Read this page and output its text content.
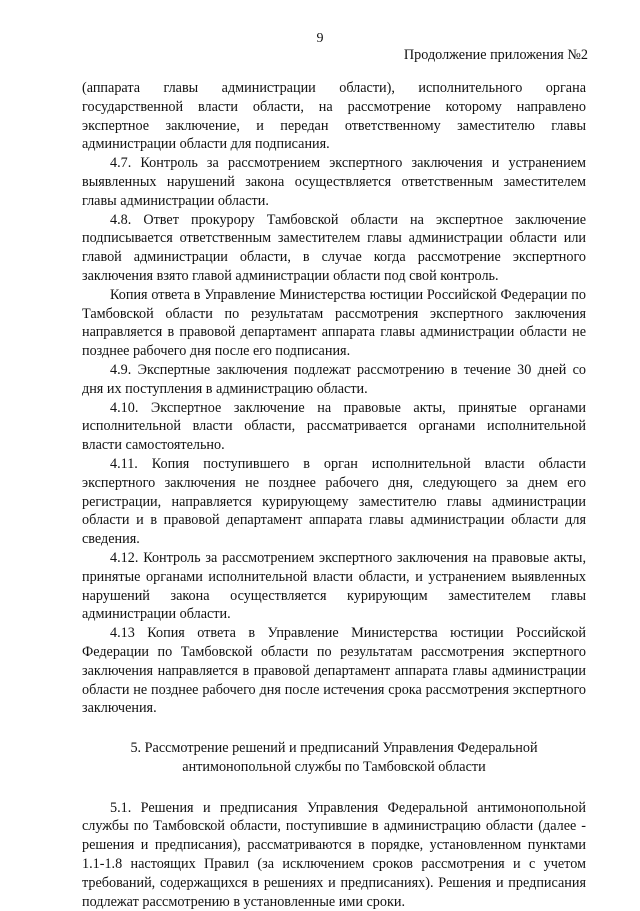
9
Продолжение приложения №2

(аппарата главы администрации области), исполнительного органа государственной власти области, на рассмотрение которому направлено экспертное заключение, и передан ответственному заместителю главы администрации области для подписания.

4.7. Контроль за рассмотрением экспертного заключения и устранением выявленных нарушений закона осуществляется ответственным заместителем главы администрации области.

4.8. Ответ прокурору Тамбовской области на экспертное заключение подписывается ответственным заместителем главы администрации области или главой администрации области, в случае когда рассмотрение экспертного заключения взято главой администрации области под свой контроль.

Копия ответа в Управление Министерства юстиции Российской Федерации по Тамбовской области по результатам рассмотрения экспертного заключения направляется в правовой департамент аппарата главы администрации области не позднее рабочего дня после его подписания.

4.9. Экспертные заключения подлежат рассмотрению в течение 30 дней со дня их поступления в администрацию области.

4.10. Экспертное заключение на правовые акты, принятые органами исполнительной власти области, рассматривается органами исполнительной власти самостоятельно.

4.11. Копия поступившего в орган исполнительной власти области экспертного заключения не позднее рабочего дня, следующего за днем его регистрации, направляется курирующему заместителю главы администрации области и в правовой департамент аппарата главы администрации области для сведения.

4.12. Контроль за рассмотрением экспертного заключения на правовые акты, принятые органами исполнительной власти области, и устранением выявленных нарушений закона осуществляется курирующим заместителем главы администрации области.

4.13 Копия ответа в Управление Министерства юстиции Российской Федерации по Тамбовской области по результатам рассмотрения экспертного заключения направляется в правовой департамент аппарата главы администрации области не позднее рабочего дня после истечения срока рассмотрения экспертного заключения.

5. Рассмотрение решений и предписаний Управления Федеральной
антимонопольной службы по Тамбовской области

5.1. Решения и предписания Управления Федеральной антимонопольной службы по Тамбовской области, поступившие в администрацию области (далее - решения и предписания), рассматриваются в порядке, установленном пунктами 1.1-1.8 настоящих Правил (за исключением сроков рассмотрения и с учетом требований, содержащихся в решениях и предписаниях). Решения и предписания подлежат рассмотрению в установленные ими сроки.
